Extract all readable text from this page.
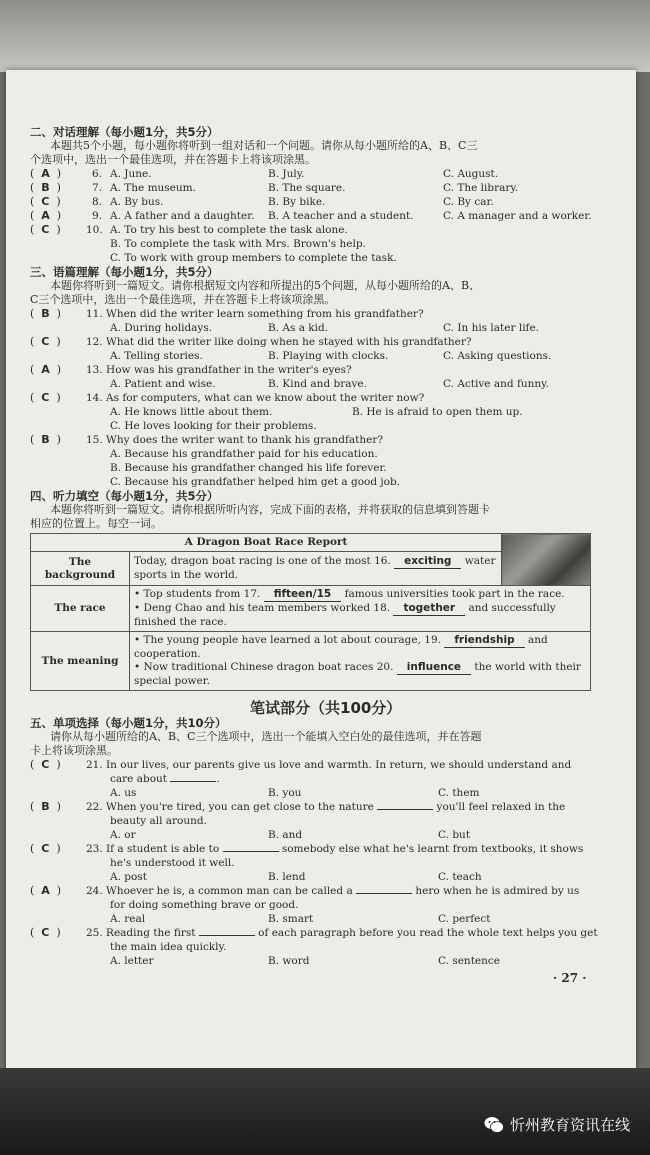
二、对话理解（每小题1分，共5分）
本题共5个小题，每小题你将听到一组对话和一个问题。请你从每小题所给的A、B、C三
个选项中，选出一个最佳选项，并在答题卡上将该项涂黑。
(  A  )	6. A. June.	B. July.	C. August.
(  B  )	7. A. The museum.	B. The square.	C. The library.
(  C  )	8. A. By bus.	B. By bike.	C. By car.
(  A  )	9. A. A father and a daughter. B. A teacher and a student.	C. A manager and a worker.
(  C  ) 10. A. To try his best to complete the task alone.
B. To complete the task with Mrs. Brown's help.
C. To work with group members to complete the task.
三、语篇理解（每小题1分，共5分）
本题你将听到一篇短文。请你根据短文内容和所提出的5个问题，从每小题所给的A、B、
C三个选项中，选出一个最佳选项，并在答题卡上将该项涂黑。
(  B  ) 11. When did the writer learn something from his grandfather?
A. During holidays.	B. As a kid.	C. In his later life.
(  C  ) 12. What did the writer like doing when he stayed with his grandfather?
A. Telling stories.	B. Playing with clocks.	C. Asking questions.
(  A  ) 13. How was his grandfather in the writer's eyes?
A. Patient and wise.	B. Kind and brave.	C. Active and funny.
(  C  ) 14. As for computers, what can we know about the writer now?
A. He knows little about them.	B. He is afraid to open them up.
C. He loves looking for their problems.
(  B  ) 15. Why does the writer want to thank his grandfather?
A. Because his grandfather paid for his education.
B. Because his grandfather changed his life forever.
C. Because his grandfather helped him get a good job.
四、听力填空（每小题1分，共5分）
本题你将听到一篇短文。请你根据所听内容，完成下面的表格，并将获取的信息填到答题卡
相应的位置上。每空一词。
A Dragon Boat Race Report		
The background	Today, dragon boat racing is one of the most 16. exciting water sports in the world.	
The race	• Top students from 17. fifteen/15 famous universities took part in the race.
• Deng Chao and his team members worked 18. together and successfully finished the race.	

The meaning	• The young people have learned a lot about courage, 19. friendship and cooperation.
• Now traditional Chinese dragon boat races 20. influence the world with their special power.	
笔试部分（共100分）
五、单项选择（每小题1分，共10分）
请你从每小题所给的A、B、C三个选项中，选出一个能填入空白处的最佳选项，并在答题
卡上将该项涂黑。
(  C  ) 21. In our lives, our parents give us love and warmth. In return, we should understand and
care about	.
A. us	B. you	C. them
(  B  ) 22. When you're tired, you can get close to the nature	you'll feel relaxed in the
beauty all around.
A. or	B. and	C. but
(  C  ) 23. If a student is able to	somebody else what he's learnt from textbooks, it shows
he's understood it well.
A. post	B. lend	C. teach
(  A  ) 24. Whoever he is, a common man can be called a	hero when he is admired by us
for doing something brave or good.
A. real	B. smart	C. perfect
(  C  ) 25. Reading the first	of each paragraph before you read the whole text helps you get
the main idea quickly.
A. letter	B. word	C. sentence
· 27 ·
忻州教育资讯在线
